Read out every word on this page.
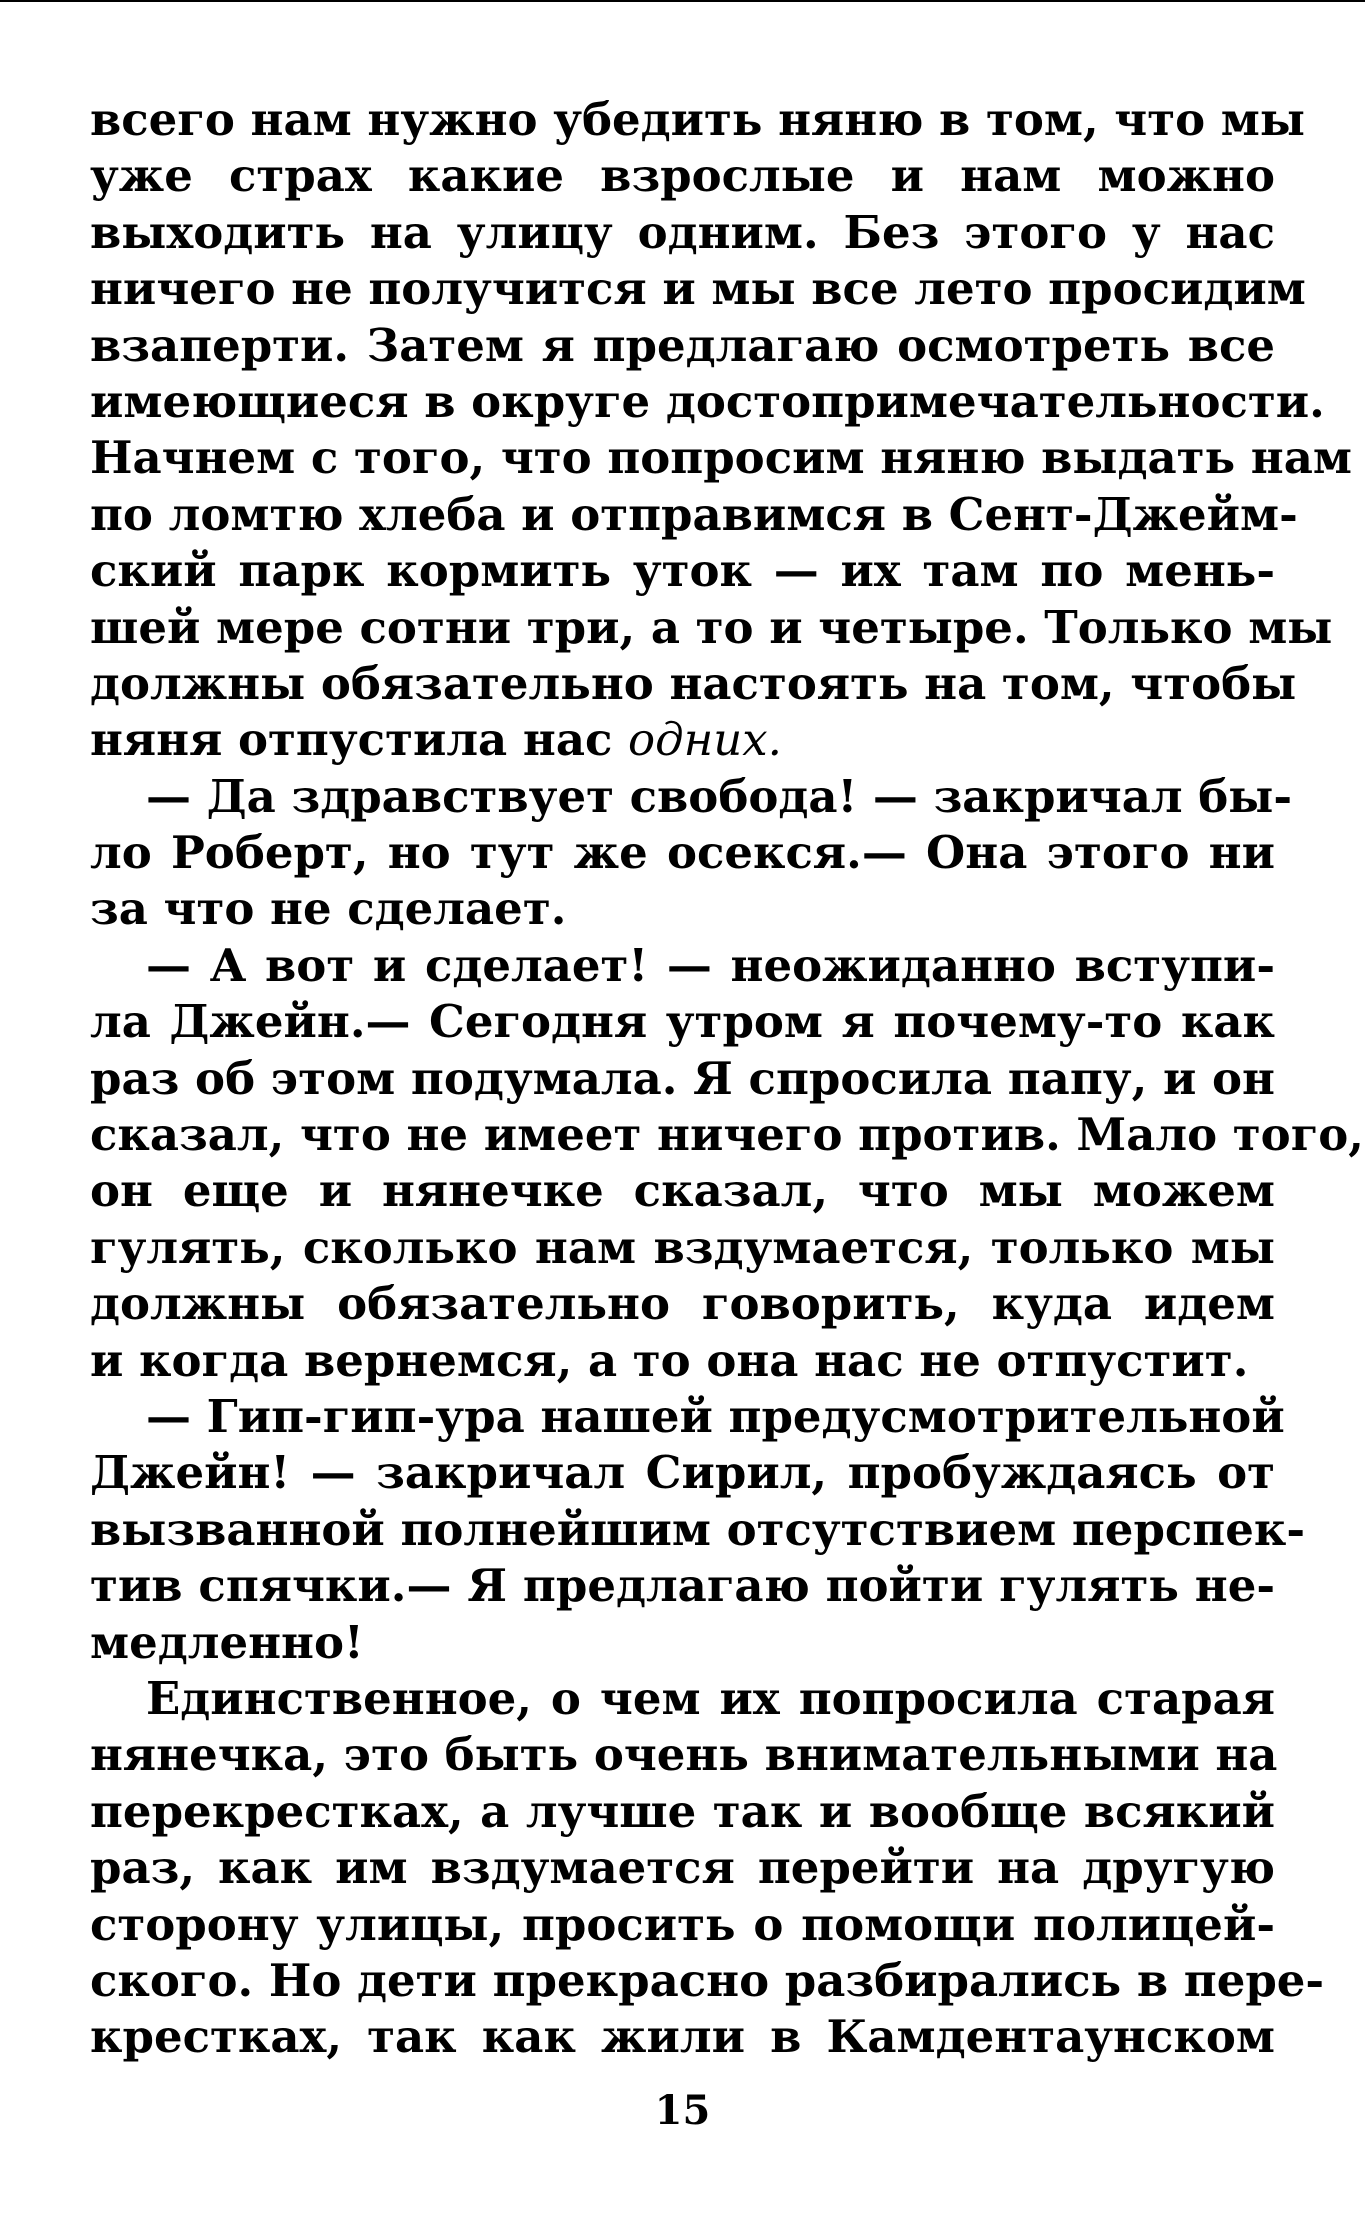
всего нам нужно убедить няню в том, что мы
уже страх какие взрослые и нам можно
выходить на улицу одним. Без этого у нас
ничего не получится и мы все лето просидим
взаперти. Затем я предлагаю осмотреть все
имеющиеся в округе достопримечательности.
Начнем с того, что попросим няню выдать нам
по ломтю хлеба и отправимся в Сент-Джейм-
ский парк кормить уток — их там по мень-
шей мере сотни три, а то и четыре. Только мы
должны обязательно настоять на том, чтобы
няня отпустила нас одних.
— Да здравствует свобода! — закричал бы-
ло Роберт, но тут же осекся.— Она этого ни
за что не сделает.
— А вот и сделает! — неожиданно вступи-
ла Джейн.— Сегодня утром я почему-то как
раз об этом подумала. Я спросила папу, и он
сказал, что не имеет ничего против. Мало того,
он еще и нянечке сказал, что мы можем
гулять, сколько нам вздумается, только мы
должны обязательно говорить, куда идем
и когда вернемся, а то она нас не отпустит.
— Гип-гип-ура нашей предусмотрительной
Джейн! — закричал Сирил, пробуждаясь от
вызванной полнейшим отсутствием перспек-
тив спячки.— Я предлагаю пойти гулять не-
медленно!
Единственное, о чем их попросила старая
нянечка, это быть очень внимательными на
перекрестках, а лучше так и вообще всякий
раз, как им вздумается перейти на другую
сторону улицы, просить о помощи полицей-
ского. Но дети прекрасно разбирались в пере-
крестках, так как жили в Камдентаунском
15
